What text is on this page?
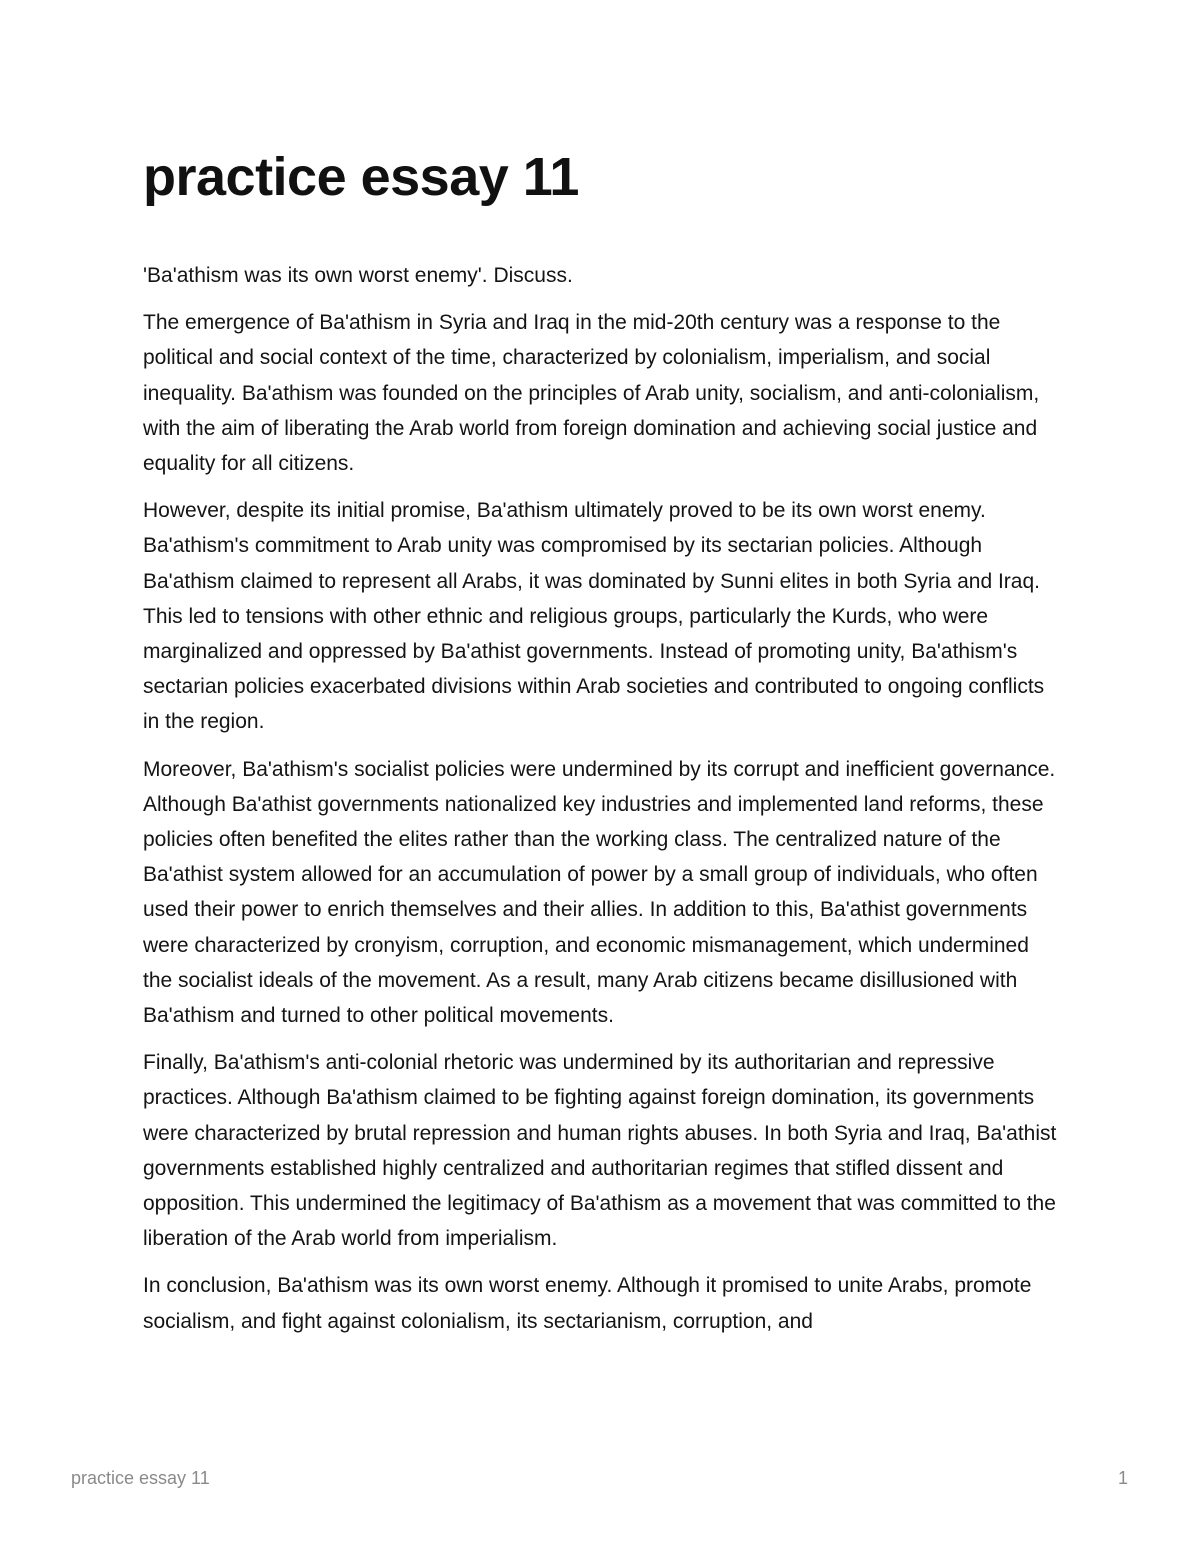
practice essay 11

'Ba'athism was its own worst enemy'. Discuss.

The emergence of Ba'athism in Syria and Iraq in the mid-20th century was a response to the political and social context of the time, characterized by colonialism, imperialism, and social inequality. Ba'athism was founded on the principles of Arab unity, socialism, and anti-colonialism, with the aim of liberating the Arab world from foreign domination and achieving social justice and equality for all citizens.

However, despite its initial promise, Ba'athism ultimately proved to be its own worst enemy. Ba'athism's commitment to Arab unity was compromised by its sectarian policies. Although Ba'athism claimed to represent all Arabs, it was dominated by Sunni elites in both Syria and Iraq. This led to tensions with other ethnic and religious groups, particularly the Kurds, who were marginalized and oppressed by Ba'athist governments. Instead of promoting unity, Ba'athism's sectarian policies exacerbated divisions within Arab societies and contributed to ongoing conflicts in the region.

Moreover, Ba'athism's socialist policies were undermined by its corrupt and inefficient governance. Although Ba'athist governments nationalized key industries and implemented land reforms, these policies often benefited the elites rather than the working class. The centralized nature of the Ba'athist system allowed for an accumulation of power by a small group of individuals, who often used their power to enrich themselves and their allies. In addition to this, Ba'athist governments were characterized by cronyism, corruption, and economic mismanagement, which undermined the socialist ideals of the movement. As a result, many Arab citizens became disillusioned with Ba'athism and turned to other political movements.

Finally, Ba'athism's anti-colonial rhetoric was undermined by its authoritarian and repressive practices. Although Ba'athism claimed to be fighting against foreign domination, its governments were characterized by brutal repression and human rights abuses. In both Syria and Iraq, Ba'athist governments established highly centralized and authoritarian regimes that stifled dissent and opposition. This undermined the legitimacy of Ba'athism as a movement that was committed to the liberation of the Arab world from imperialism.

In conclusion, Ba'athism was its own worst enemy. Although it promised to unite Arabs, promote socialism, and fight against colonialism, its sectarianism, corruption, and

practice essay 11	1
